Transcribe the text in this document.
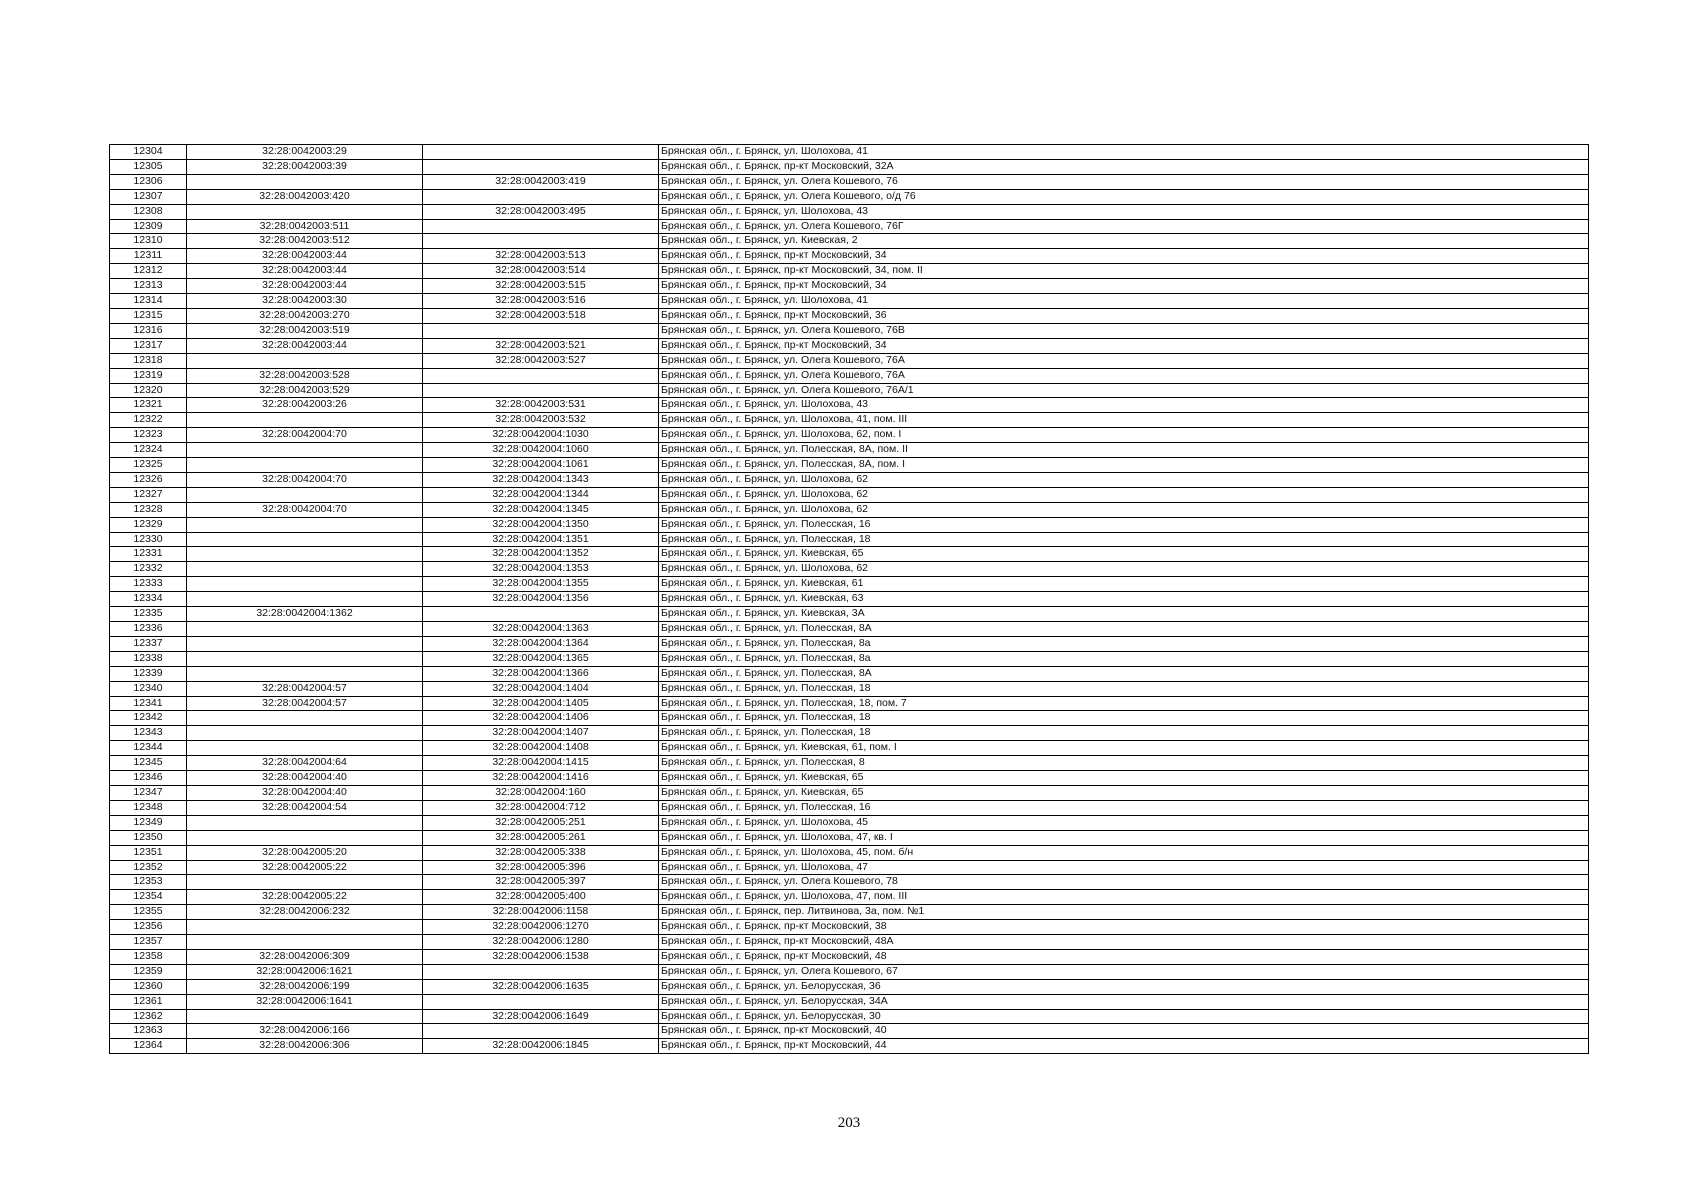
12304	32:28:0042003:29		Брянская обл., г. Брянск, ул. Шолохова, 41
12305	32:28:0042003:39		Брянская обл., г. Брянск, пр-кт Московский, 32А
12306		32:28:0042003:419	Брянская обл., г. Брянск, ул. Олега Кошевого, 76
12307	32:28:0042003:420		Брянская обл., г. Брянск, ул. Олега Кошевого, о/д 76
12308		32:28:0042003:495	Брянская обл., г. Брянск, ул. Шолохова, 43
12309	32:28:0042003:511		Брянская обл., г. Брянск, ул. Олега Кошевого, 76Г
12310	32:28:0042003:512		Брянская обл., г. Брянск, ул. Киевская, 2
12311	32:28:0042003:44	32:28:0042003:513	Брянская обл., г. Брянск, пр-кт Московский, 34
12312	32:28:0042003:44	32:28:0042003:514	Брянская обл., г. Брянск, пр-кт Московский, 34, пом. II
12313	32:28:0042003:44	32:28:0042003:515	Брянская обл., г. Брянск, пр-кт Московский, 34
12314	32:28:0042003:30	32:28:0042003:516	Брянская обл., г. Брянск, ул. Шолохова, 41
12315	32:28:0042003:270	32:28:0042003:518	Брянская обл., г. Брянск, пр-кт Московский, 36
12316	32:28:0042003:519		Брянская обл., г. Брянск, ул. Олега Кошевого, 76В
12317	32:28:0042003:44	32:28:0042003:521	Брянская обл., г. Брянск, пр-кт Московский, 34
12318		32:28:0042003:527	Брянская обл., г. Брянск, ул. Олега Кошевого, 76А
12319	32:28:0042003:528		Брянская обл., г. Брянск, ул. Олега Кошевого, 76А
12320	32:28:0042003:529		Брянская обл., г. Брянск, ул. Олега Кошевого, 76А/1
12321	32:28:0042003:26	32:28:0042003:531	Брянская обл., г. Брянск, ул. Шолохова, 43
12322		32:28:0042003:532	Брянская обл., г. Брянск, ул. Шолохова, 41, пом. III
12323	32:28:0042004:70	32:28:0042004:1030	Брянская обл., г. Брянск, ул. Шолохова, 62, пом. I
12324		32:28:0042004:1060	Брянская обл., г. Брянск, ул. Полесская, 8А, пом. II
12325		32:28:0042004:1061	Брянская обл., г. Брянск, ул. Полесская, 8А, пом. I
12326	32:28:0042004:70	32:28:0042004:1343	Брянская обл., г. Брянск, ул. Шолохова, 62
12327		32:28:0042004:1344	Брянская обл., г. Брянск, ул. Шолохова, 62
12328	32:28:0042004:70	32:28:0042004:1345	Брянская обл., г. Брянск, ул. Шолохова, 62
12329		32:28:0042004:1350	Брянская обл., г. Брянск, ул. Полесская, 16
12330		32:28:0042004:1351	Брянская обл., г. Брянск, ул. Полесская, 18
12331		32:28:0042004:1352	Брянская обл., г. Брянск, ул. Киевская, 65
12332		32:28:0042004:1353	Брянская обл., г. Брянск, ул. Шолохова, 62
12333		32:28:0042004:1355	Брянская обл., г. Брянск, ул. Киевская, 61
12334		32:28:0042004:1356	Брянская обл., г. Брянск, ул. Киевская, 63
12335	32:28:0042004:1362		Брянская обл., г. Брянск, ул. Киевская, 3А
12336		32:28:0042004:1363	Брянская обл., г. Брянск, ул. Полесская, 8А
12337		32:28:0042004:1364	Брянская обл., г. Брянск, ул. Полесская, 8а
12338		32:28:0042004:1365	Брянская обл., г. Брянск, ул. Полесская, 8а
12339		32:28:0042004:1366	Брянская обл., г. Брянск, ул. Полесская, 8А
12340	32:28:0042004:57	32:28:0042004:1404	Брянская обл., г. Брянск, ул. Полесская, 18
12341	32:28:0042004:57	32:28:0042004:1405	Брянская обл., г. Брянск, ул. Полесская, 18, пом. 7
12342		32:28:0042004:1406	Брянская обл., г. Брянск, ул. Полесская, 18
12343		32:28:0042004:1407	Брянская обл., г. Брянск, ул. Полесская, 18
12344		32:28:0042004:1408	Брянская обл., г. Брянск, ул. Киевская, 61, пом. I
12345	32:28:0042004:64	32:28:0042004:1415	Брянская обл., г. Брянск, ул. Полесская, 8
12346	32:28:0042004:40	32:28:0042004:1416	Брянская обл., г. Брянск, ул. Киевская, 65
12347	32:28:0042004:40	32:28:0042004:160	Брянская обл., г. Брянск, ул. Киевская, 65
12348	32:28:0042004:54	32:28:0042004:712	Брянская обл., г. Брянск, ул. Полесская, 16
12349		32:28:0042005:251	Брянская обл., г. Брянск, ул. Шолохова, 45
12350		32:28:0042005:261	Брянская обл., г. Брянск, ул. Шолохова, 47, кв. I
12351	32:28:0042005:20	32:28:0042005:338	Брянская обл., г. Брянск, ул. Шолохова, 45, пом. б/н
12352	32:28:0042005:22	32:28:0042005:396	Брянская обл., г. Брянск, ул. Шолохова, 47
12353		32:28:0042005:397	Брянская обл., г. Брянск, ул. Олега Кошевого, 78
12354	32:28:0042005:22	32:28:0042005:400	Брянская обл., г. Брянск, ул. Шолохова, 47, пом. III
12355	32:28:0042006:232	32:28:0042006:1158	Брянская обл., г. Брянск, пер. Литвинова, 3а, пом. №1
12356		32:28:0042006:1270	Брянская обл., г. Брянск, пр-кт Московский, 38
12357		32:28:0042006:1280	Брянская обл., г. Брянск, пр-кт Московский, 48А
12358	32:28:0042006:309	32:28:0042006:1538	Брянская обл., г. Брянск, пр-кт Московский, 48
12359	32:28:0042006:1621		Брянская обл., г. Брянск, ул. Олега Кошевого, 67
12360	32:28:0042006:199	32:28:0042006:1635	Брянская обл., г. Брянск, ул. Белорусская, 36
12361	32:28:0042006:1641		Брянская обл., г. Брянск, ул. Белорусская, 34А
12362		32:28:0042006:1649	Брянская обл., г. Брянск, ул. Белорусская, 30
12363	32:28:0042006:166		Брянская обл., г. Брянск, пр-кт Московский, 40
12364	32:28:0042006:306	32:28:0042006:1845	Брянская обл., г. Брянск, пр-кт Московский, 44
203
